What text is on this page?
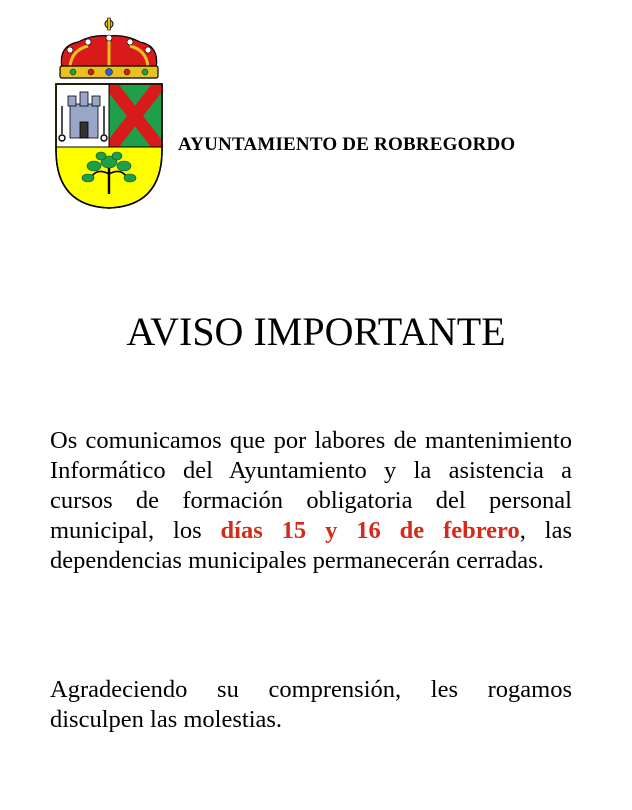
AYUNTAMIENTO DE ROBREGORDO
AVISO IMPORTANTE
Os comunicamos que por labores de mantenimiento Informático del Ayuntamiento y la asistencia a cursos de formación obligatoria del personal municipal, los días 15 y 16 de febrero, las dependencias municipales permanecerán cerradas.
Agradeciendo su comprensión, les rogamos disculpen las molestias.
